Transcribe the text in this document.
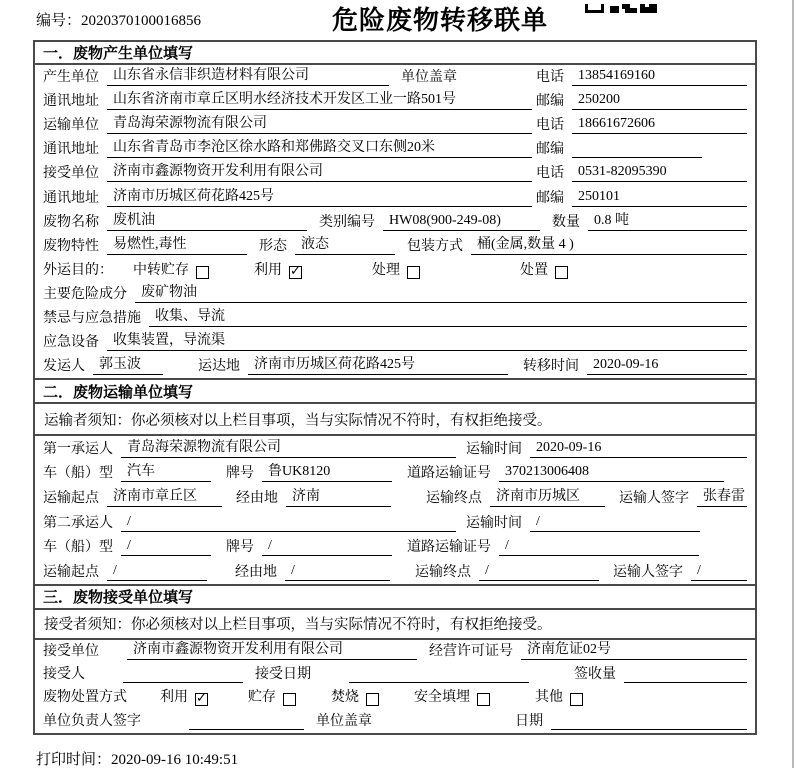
编号：2020370100016856	危险废物转移联单
一．废物产生单位填写
产生单位	山东省永信非织造材料有限公司	单位盖章	电话	13854169160
通讯地址	山东省济南市章丘区明水经济技术开发区工业一路501号	邮编	250200
运输单位	青岛海荣源物流有限公司	电话	18661672606
通讯地址	山东省青岛市李沧区徐水路和郑佛路交叉口东侧20米	邮编
接受单位	济南市鑫源物资开发利用有限公司	电话	0531-82095390
通讯地址	济南市历城区荷花路425号	邮编	250101
废物名称	废机油	类别编号	HW08(900-249-08)	数量	0.8 吨
废物特性	易燃性,毒性	形态	液态	包装方式	桶(金属,数量 4 )
外运目的： 中转贮存	利用 ✓	处理	处置
主要危险成分	废矿物油
禁忌与应急措施	收集、导流
应急设备	收集装置，导流渠
发运人	郭玉波	运达地	济南市历城区荷花路425号	转移时间	2020-09-16
二．废物运输单位填写
运输者须知：你必须核对以上栏目事项，当与实际情况不符时，有权拒绝接受。
第一承运人	青岛海荣源物流有限公司	运输时间	2020-09-16
车（船）型	汽车	牌号	鲁UK8120	道路运输证号	370213006408
运输起点	济南市章丘区	经由地	济南	运输终点	济南市历城区	运输人签字	张春雷
第二承运人	/	运输时间	/
车（船）型	/	牌号	/	道路运输证号	/
运输起点	/	经由地	/	运输终点	/	运输人签字	/
三．废物接受单位填写
接受者须知：你必须核对以上栏目事项，当与实际情况不符时，有权拒绝接受。
接受单位	济南市鑫源物资开发利用有限公司	经营许可证号	济南危证02号
接受人	接受日期	签收量
废物处置方式 利用 ✓	贮存	焚烧	安全填埋	其他
单位负责人签字	单位盖章	日期
打印时间：2020-09-16 10:49:51
